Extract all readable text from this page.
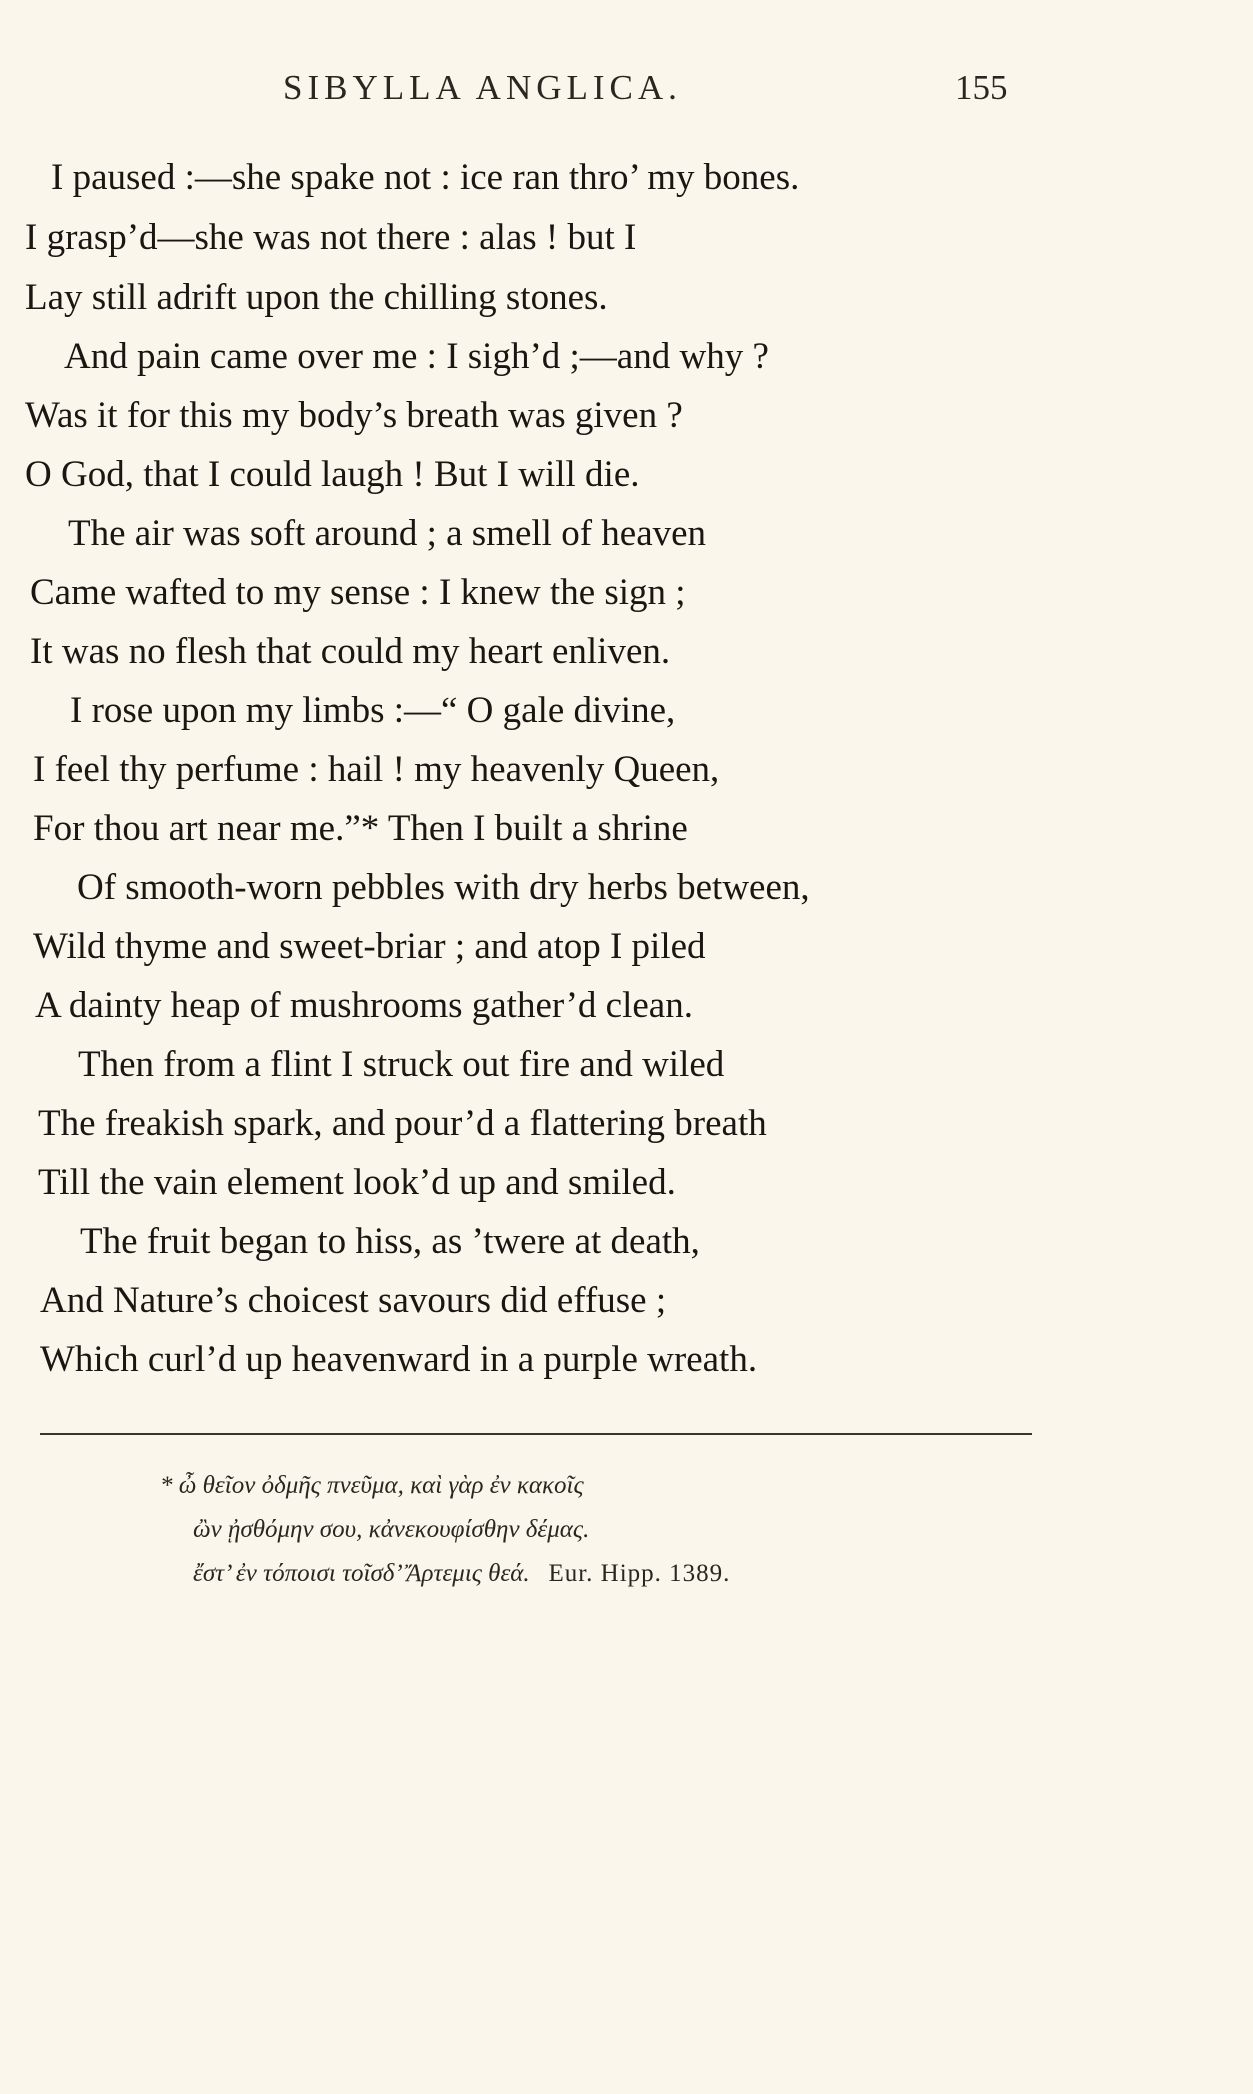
SIBYLLA ANGLICA.	155
I paused :—she spake not : ice ran thro’ my bones.
I grasp’d—she was not there : alas ! but I
Lay still adrift upon the chilling stones.
And pain came over me : I sigh’d ;—and why ?
Was it for this my body’s breath was given ?
O God, that I could laugh ! But I will die.
The air was soft around ; a smell of heaven
Came wafted to my sense : I knew the sign ;
It was no flesh that could my heart enliven.
I rose upon my limbs :—“ O gale divine,
I feel thy perfume : hail ! my heavenly Queen,
For thou art near me.”* Then I built a shrine
Of smooth-worn pebbles with dry herbs between,
Wild thyme and sweet-briar ; and atop I piled
A dainty heap of mushrooms gather’d clean.
Then from a flint I struck out fire and wiled
The freakish spark, and pour’d a flattering breath
Till the vain element look’d up and smiled.
The fruit began to hiss, as ’twere at death,
And Nature’s choicest savours did effuse ;
Which curl’d up heavenward in a purple wreath.
* ὦ θεῖον ὀδμῆς πνεῦμα, καὶ γὰρ ἐν κακοῖς
ὢν ᾐσθόμην σου, κἀνεκουφίσθην δέμας.
ἔστ’ ἐν τόποισι τοῖσδ’ Ἄρτεμις θεά. Eur. Hipp. 1389.
